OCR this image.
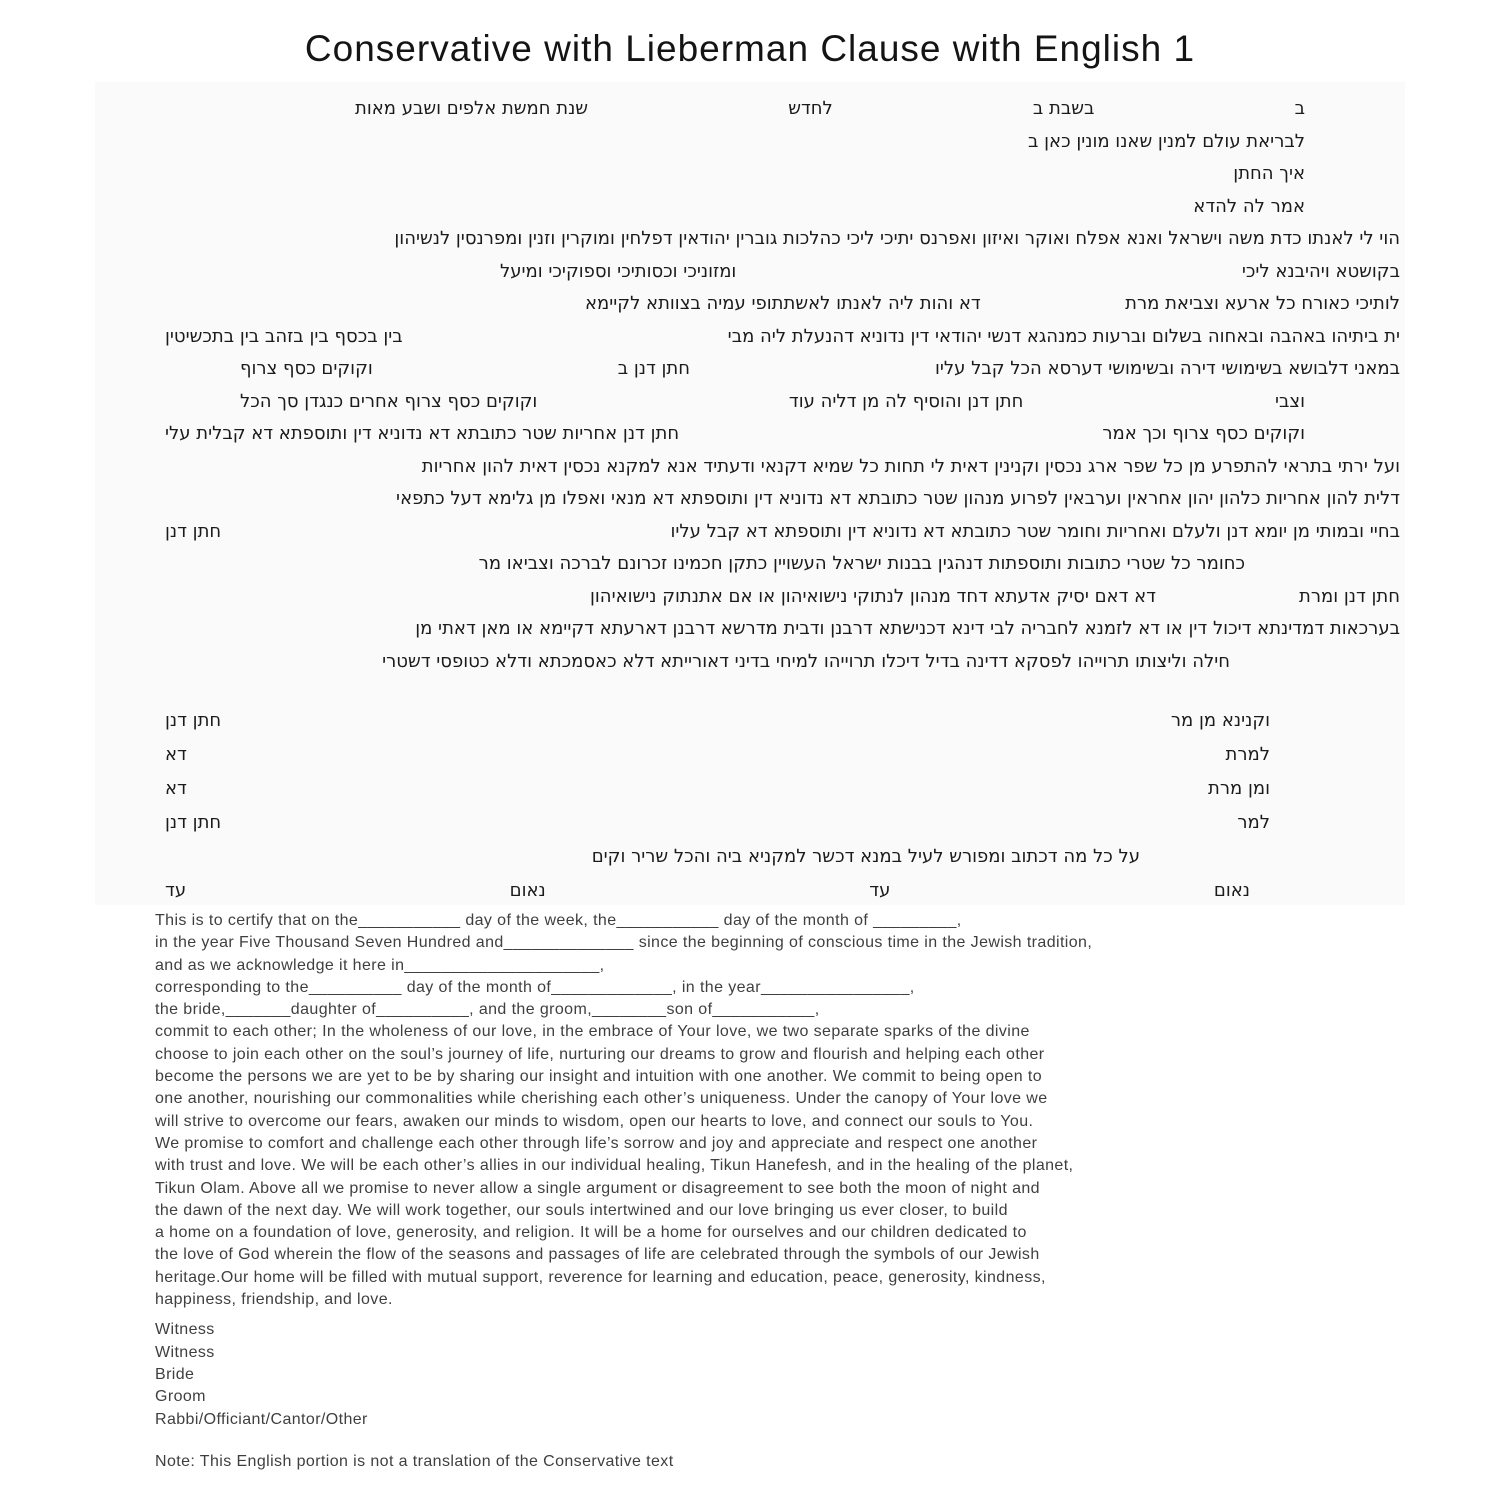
Conservative with Lieberman Clause with English 1
ב
בשבת ב
לחדש
שנת חמשת אלפים ושבע מאות
לבריאת עולם למנין שאנו מונין כאן ב
איך החתן
אמר לה להדא
הוי לי לאנתו כדת משה וישראל ואנא אפלח ואוקר ואיזון ואפרנס יתיכי ליכי כהלכות גוברין יהודאין דפלחין ומוקרין וזנין ומפרנסין לנשיהון
בקושטא ויהיבנא ליכי
ומזוניכי וכסותיכי וספוקיכי ומיעל
לותיכי כאורח כל ארעא וצביאת מרת
דא והות ליה לאנתו לאשתתופי עמיה בצוותא לקיימא
ית ביתיהו באהבה ובאחוה בשלום וברעות כמנהגא דנשי יהודאי דין נדוניא דהנעלת ליה מבי
בין בכסף בין בזהב בין בתכשיטין
במאני דלבושא בשימושי דירה ובשימושי דערסא הכל קבל עליו
חתן דנן ב
וקוקים כסף צרוף
וצבי
חתן דנן והוסיף לה מן דליה עוד
וקוקים כסף צרוף אחרים כנגדן סך הכל
וקוקים כסף צרוף וכך אמר
חתן דנן אחריות שטר כתובתא דא נדוניא דין ותוספתא דא קבלית עלי
ועל ירתי בתראי להתפרע מן כל שפר ארג נכסין וקנינין דאית לי תחות כל שמיא דקנאי ודעתיד אנא למקנא נכסין דאית להון אחריות
דלית להון אחריות כלהון יהון אחראין וערבאין לפרוע מנהון שטר כתובתא דא נדוניא דין ותוספתא דא מנאי ואפלו מן גלימא דעל כתפאי
בחיי ובמותי מן יומא דנן ולעלם ואחריות וחומר שטר כתובתא דא נדוניא דין ותוספתא דא קבל עליו
חתן דנן
כחומר כל שטרי כתובות ותוספתות דנהגין בבנות ישראל העשויין כתקן חכמינו זכרונם לברכה וצביאו מר
חתן דנן ומרת
דא דאם יסיק אדעתא דחד מנהון לנתוקי נישואיהון או אם אתנתוק נישואיהון
בערכאות דמדינתא דיכול דין או דא לזמנא לחבריה לבי דינא דכנישתא דרבנן ודבית מדרשא דרבנן דארעתא דקיימא או מאן דאתי מן
חילה וליצותו תרוייהו לפסקא דדינה בדיל דיכלו תרוייהו למיחי בדיני דאורייתא דלא כאסמכתא ודלא כטופסי דשטרי
וקנינא מן מר
חתן דנן
למרת
דא
ומן מרת
דא
למר
חתן דנן
על כל מה דכתוב ומפורש לעיל במנא דכשר למקניא ביה והכל שריר וקים
נאום
עד
נאום
עד
This is to certify that on the___________ day of the week, the___________ day of the month of _________,
in the year Five Thousand Seven Hundred and______________ since the beginning of conscious time in the Jewish tradition,
and as we acknowledge it here in_____________________,
corresponding to the__________ day of the month of_____________, in the year________________,
the bride,_______daughter of__________, and the groom,________son of___________,
commit to each other; In the wholeness of our love, in the embrace of Your love, we two separate sparks of the divine
choose to join each other on the soul’s journey of life, nurturing our dreams to grow and flourish and helping each other
become the persons we are yet to be by sharing our insight and intuition with one another. We commit to being open to
one another, nourishing our commonalities while cherishing each other’s uniqueness. Under the canopy of Your love we
will strive to overcome our fears, awaken our minds to wisdom, open our hearts to love, and connect our souls to You.
We promise to comfort and challenge each other through life’s sorrow and joy and appreciate and respect one another
with trust and love. We will be each other’s allies in our individual healing, Tikun Hanefesh, and in the healing of the planet,
Tikun Olam. Above all we promise to never allow a single argument or disagreement to see both the moon of night and
the dawn of the next day. We will work together, our souls intertwined and our love bringing us ever closer, to build
a home on a foundation of love, generosity, and religion. It will be a home for ourselves and our children dedicated to
the love of God wherein the flow of the seasons and passages of life are celebrated through the symbols of our Jewish
heritage.Our home will be filled with mutual support, reverence for learning and education, peace, generosity, kindness,
happiness, friendship, and love.
Witness
Witness
Bride
Groom
Rabbi/Officiant/Cantor/Other
Note: This English portion is not a translation of the Conservative text
